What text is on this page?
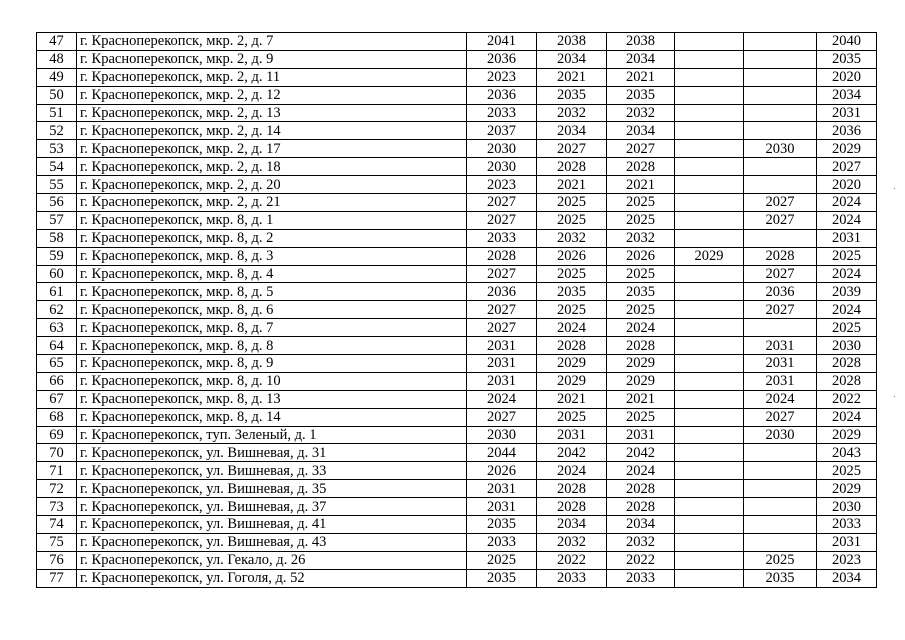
47	г. Красноперекопск, мкр. 2, д. 7	2041	2038	2038			2040
48	г. Красноперекопск, мкр. 2, д. 9	2036	2034	2034			2035
49	г. Красноперекопск, мкр. 2, д. 11	2023	2021	2021			2020
50	г. Красноперекопск, мкр. 2, д. 12	2036	2035	2035			2034
51	г. Красноперекопск, мкр. 2, д. 13	2033	2032	2032			2031
52	г. Красноперекопск, мкр. 2, д. 14	2037	2034	2034			2036
53	г. Красноперекопск, мкр. 2, д. 17	2030	2027	2027		2030	2029
54	г. Красноперекопск, мкр. 2, д. 18	2030	2028	2028			2027
55	г. Красноперекопск, мкр. 2, д. 20	2023	2021	2021			2020
56	г. Красноперекопск, мкр. 2, д. 21	2027	2025	2025		2027	2024
57	г. Красноперекопск, мкр. 8, д. 1	2027	2025	2025		2027	2024
58	г. Красноперекопск, мкр. 8, д. 2	2033	2032	2032			2031
59	г. Красноперекопск, мкр. 8, д. 3	2028	2026	2026	2029	2028	2025
60	г. Красноперекопск, мкр. 8, д. 4	2027	2025	2025		2027	2024
61	г. Красноперекопск, мкр. 8, д. 5	2036	2035	2035		2036	2039
62	г. Красноперекопск, мкр. 8, д. 6	2027	2025	2025		2027	2024
63	г. Красноперекопск, мкр. 8, д. 7	2027	2024	2024			2025
64	г. Красноперекопск, мкр. 8, д. 8	2031	2028	2028		2031	2030
65	г. Красноперекопск, мкр. 8, д. 9	2031	2029	2029		2031	2028
66	г. Красноперекопск, мкр. 8, д. 10	2031	2029	2029		2031	2028
67	г. Красноперекопск, мкр. 8, д. 13	2024	2021	2021		2024	2022
68	г. Красноперекопск, мкр. 8, д. 14	2027	2025	2025		2027	2024
69	г. Красноперекопск, туп. Зеленый, д. 1	2030	2031	2031		2030	2029
70	г. Красноперекопск, ул. Вишневая, д. 31	2044	2042	2042			2043
71	г. Красноперекопск, ул. Вишневая, д. 33	2026	2024	2024			2025
72	г. Красноперекопск, ул. Вишневая, д. 35	2031	2028	2028			2029
73	г. Красноперекопск, ул. Вишневая, д. 37	2031	2028	2028			2030
74	г. Красноперекопск, ул. Вишневая, д. 41	2035	2034	2034			2033
75	г. Красноперекопск, ул. Вишневая, д. 43	2033	2032	2032			2031
76	г. Красноперекопск, ул. Гекало, д. 26	2025	2022	2022		2025	2023
77	г. Красноперекопск, ул. Гоголя, д. 52	2035	2033	2033		2035	2034
·
·
